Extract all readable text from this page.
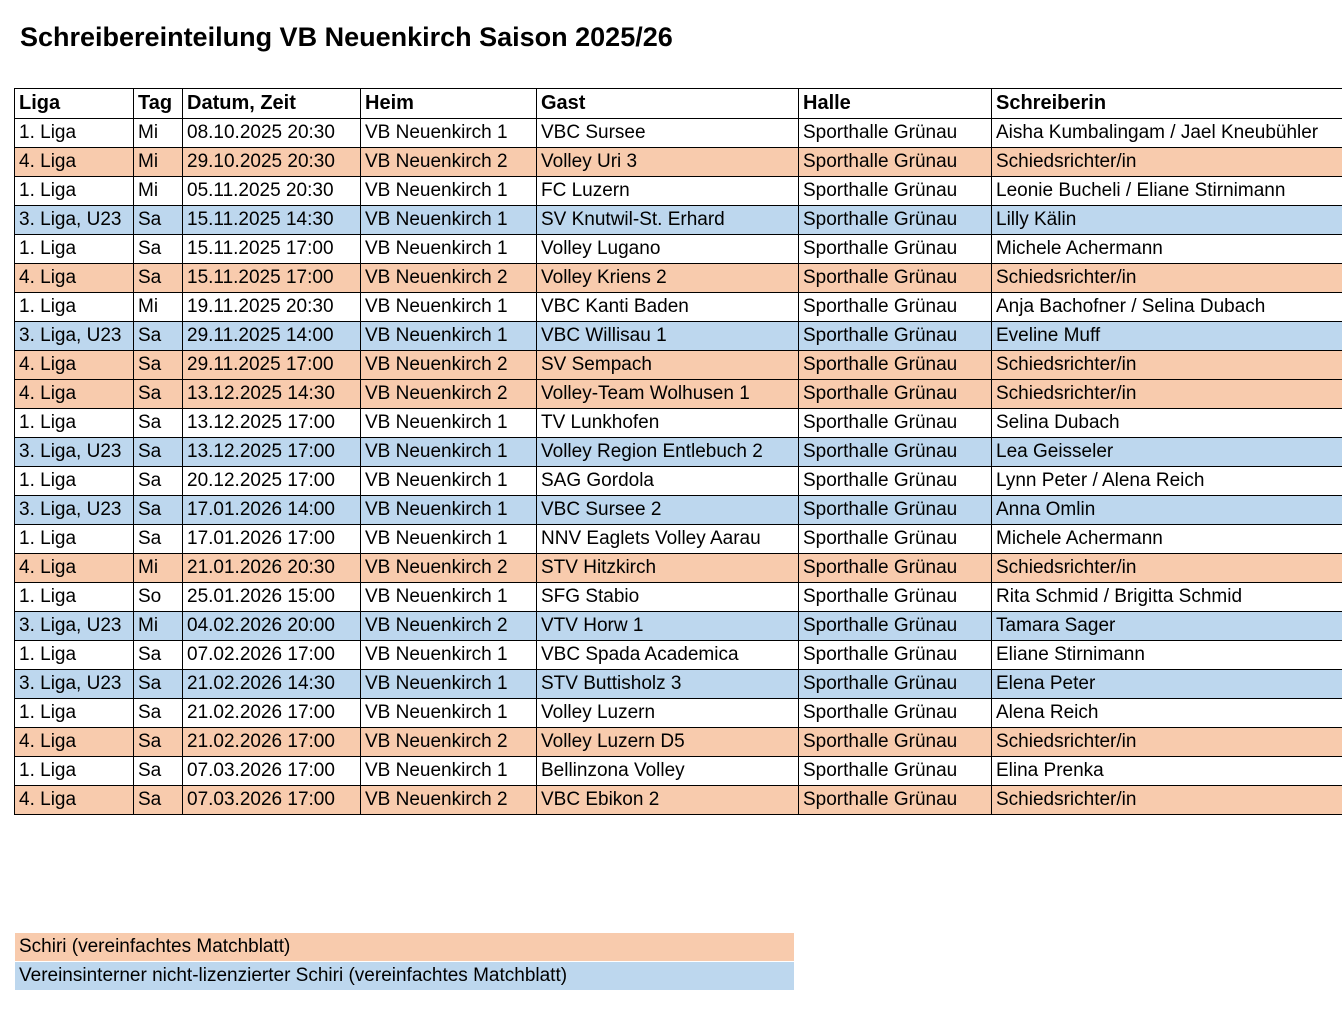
Schreibereinteilung VB Neuenkirch Saison 2025/26
Liga	Tag	Datum, Zeit	Heim	Gast	Halle	Schreiberin
1. Liga	Mi	08.10.2025 20:30	VB Neuenkirch 1	VBC Sursee	Sporthalle Grünau	Aisha Kumbalingam / Jael Kneubühler
4. Liga	Mi	29.10.2025 20:30	VB Neuenkirch 2	Volley Uri 3	Sporthalle Grünau	Schiedsrichter/in
1. Liga	Mi	05.11.2025 20:30	VB Neuenkirch 1	FC Luzern	Sporthalle Grünau	Leonie Bucheli / Eliane Stirnimann
3. Liga, U23	Sa	15.11.2025 14:30	VB Neuenkirch 1	SV Knutwil-St. Erhard	Sporthalle Grünau	Lilly Kälin
1. Liga	Sa	15.11.2025 17:00	VB Neuenkirch 1	Volley Lugano	Sporthalle Grünau	Michele Achermann
4. Liga	Sa	15.11.2025 17:00	VB Neuenkirch 2	Volley Kriens 2	Sporthalle Grünau	Schiedsrichter/in
1. Liga	Mi	19.11.2025 20:30	VB Neuenkirch 1	VBC Kanti Baden	Sporthalle Grünau	Anja Bachofner / Selina Dubach
3. Liga, U23	Sa	29.11.2025 14:00	VB Neuenkirch 1	VBC Willisau 1	Sporthalle Grünau	Eveline Muff
4. Liga	Sa	29.11.2025 17:00	VB Neuenkirch 2	SV Sempach	Sporthalle Grünau	Schiedsrichter/in
4. Liga	Sa	13.12.2025 14:30	VB Neuenkirch 2	Volley-Team Wolhusen 1	Sporthalle Grünau	Schiedsrichter/in
1. Liga	Sa	13.12.2025 17:00	VB Neuenkirch 1	TV Lunkhofen	Sporthalle Grünau	Selina Dubach
3. Liga, U23	Sa	13.12.2025 17:00	VB Neuenkirch 1	Volley Region Entlebuch 2	Sporthalle Grünau	Lea Geisseler
1. Liga	Sa	20.12.2025 17:00	VB Neuenkirch 1	SAG Gordola	Sporthalle Grünau	Lynn Peter / Alena Reich
3. Liga, U23	Sa	17.01.2026 14:00	VB Neuenkirch 1	VBC Sursee 2	Sporthalle Grünau	Anna Omlin
1. Liga	Sa	17.01.2026 17:00	VB Neuenkirch 1	NNV Eaglets Volley Aarau	Sporthalle Grünau	Michele Achermann
4. Liga	Mi	21.01.2026 20:30	VB Neuenkirch 2	STV Hitzkirch	Sporthalle Grünau	Schiedsrichter/in
1. Liga	So	25.01.2026 15:00	VB Neuenkirch 1	SFG Stabio	Sporthalle Grünau	Rita Schmid / Brigitta Schmid
3. Liga, U23	Mi	04.02.2026 20:00	VB Neuenkirch 2	VTV Horw 1	Sporthalle Grünau	Tamara Sager
1. Liga	Sa	07.02.2026 17:00	VB Neuenkirch 1	VBC Spada Academica	Sporthalle Grünau	Eliane Stirnimann
3. Liga, U23	Sa	21.02.2026 14:30	VB Neuenkirch 1	STV Buttisholz 3	Sporthalle Grünau	Elena Peter
1. Liga	Sa	21.02.2026 17:00	VB Neuenkirch 1	Volley Luzern	Sporthalle Grünau	Alena Reich
4. Liga	Sa	21.02.2026 17:00	VB Neuenkirch 2	Volley Luzern D5	Sporthalle Grünau	Schiedsrichter/in
1. Liga	Sa	07.03.2026 17:00	VB Neuenkirch 1	Bellinzona Volley	Sporthalle Grünau	Elina Prenka
4. Liga	Sa	07.03.2026 17:00	VB Neuenkirch 2	VBC Ebikon 2	Sporthalle Grünau	Schiedsrichter/in
Schiri (vereinfachtes Matchblatt)
Vereinsinterner nicht-lizenzierter Schiri (vereinfachtes Matchblatt)
